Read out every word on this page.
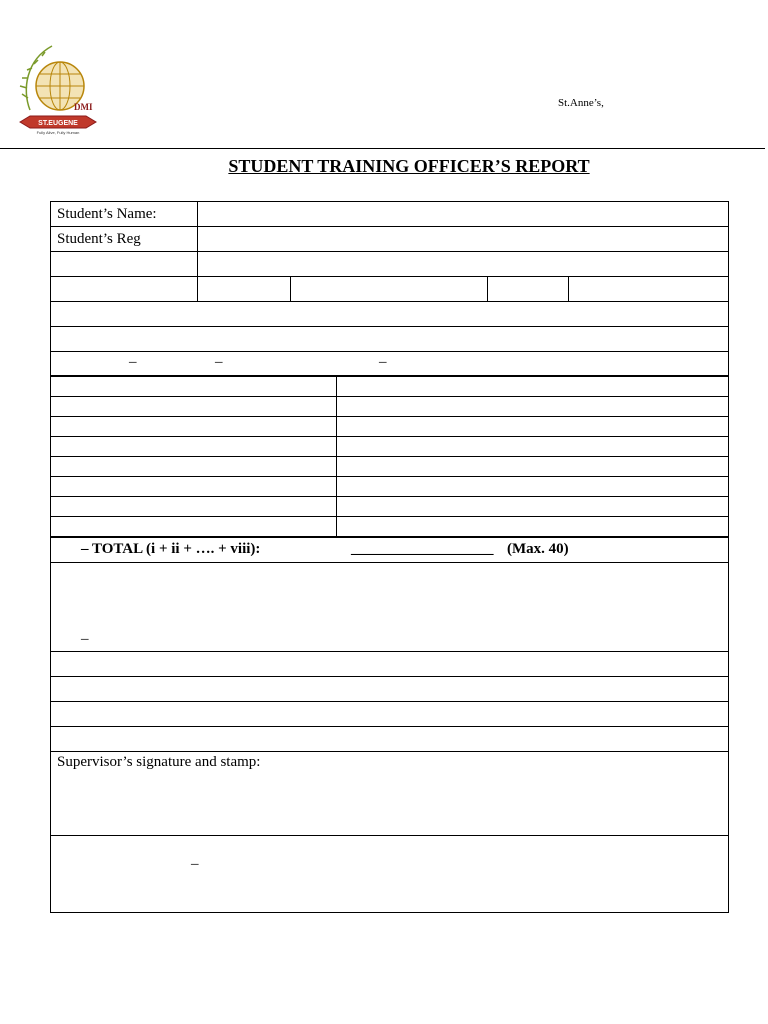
DMI
ST.EUGENE
Fully Alive, Fully Human
St.Anne’s,
STUDENT TRAINING OFFICER’S REPORT
Student’s Name:				
Student’s Reg				

– – –				

– TOTAL (i + ii + …. + viii):	___________________ (Max. 40)

–

Supervisor’s signature and stamp:

–
